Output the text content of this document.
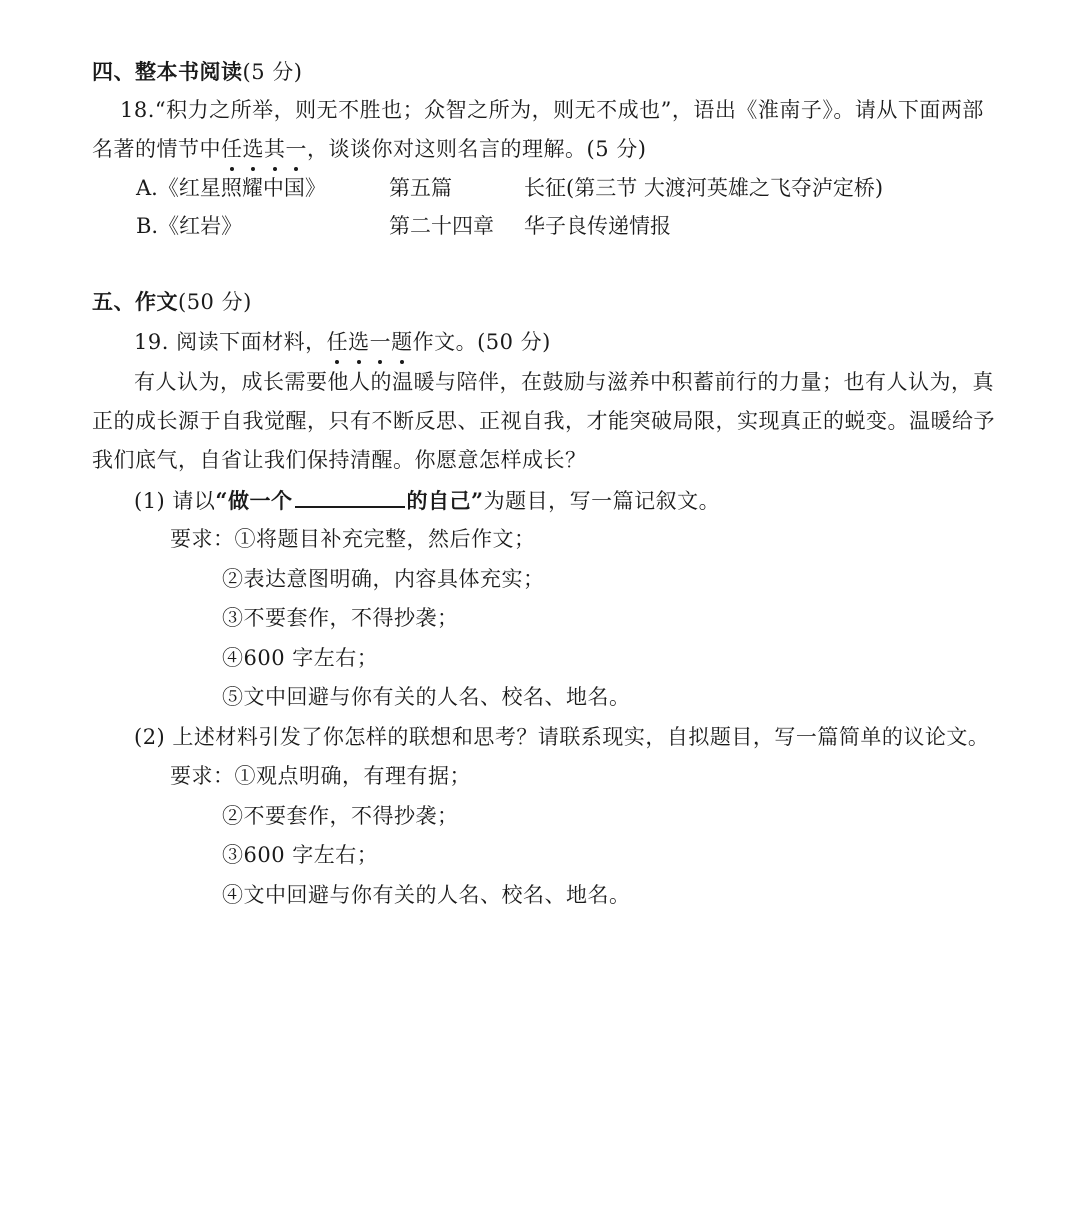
四、整本书阅读(5 分)
18.“积力之所举，则无不胜也；众智之所为，则无不成也”，语出《淮南子》。请从下面两部
名著的情节中任
选
其
一
，谈谈你对这则名言的理解。(5 分)
A.《红星照耀中国》	第五篇	长征(第三节 大渡河英雄之飞夺泸定桥)
B.《红岩》	第二十四章 华子良传递情报
五、作文(50 分)
19. 阅读下面材料，任
选
一
题
作文。(50 分)
有人认为，成长需要他人的温暖与陪伴，在鼓励与滋养中积蓄前行的力量；也有人认为，真
正的成长源于自我觉醒，只有不断反思、正视自我，才能突破局限，实现真正的蜕变。温暖给予
我们底气，自省让我们保持清醒。你愿意怎样成长？
(1) 请以“做一个	的自己”为题目，写一篇记叙文。
要求：①将题目补充完整，然后作文；
②表达意图明确，内容具体充实；
③不要套作，不得抄袭；
④600 字左右；
⑤文中回避与你有关的人名、校名、地名。
(2) 上述材料引发了你怎样的联想和思考？请联系现实，自拟题目，写一篇简单的议论文。
要求：①观点明确，有理有据；
②不要套作，不得抄袭；
③600 字左右；
④文中回避与你有关的人名、校名、地名。
